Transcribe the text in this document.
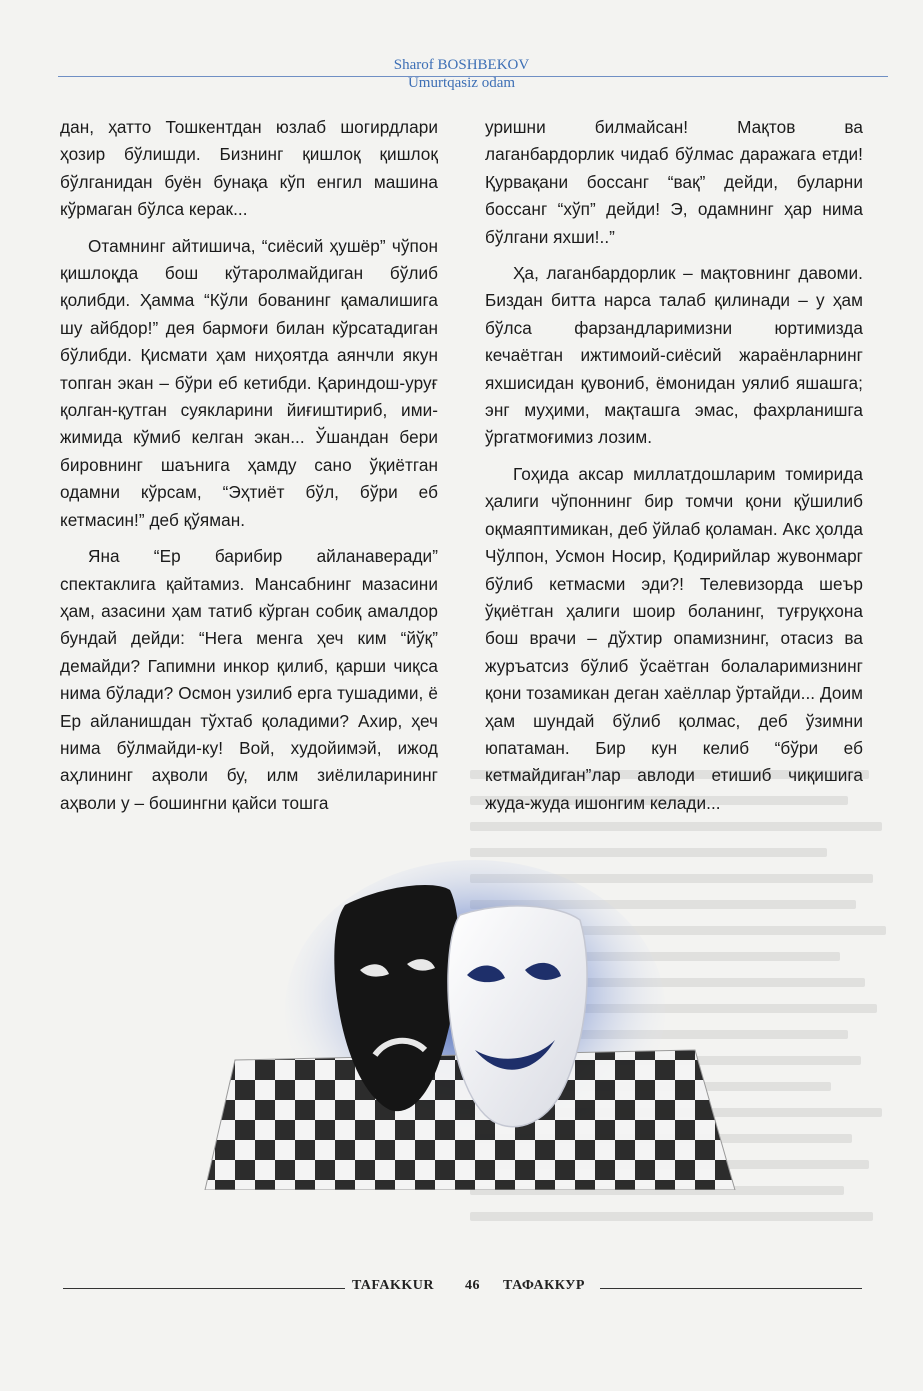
Sharof BOSHBEKOV
Umurtqasiz odam

дан, ҳатто Тошкентдан юзлаб шогирдлари ҳозир бўлишди. Бизнинг қишлоқ қишлоқ бўлганидан буён бунақа кўп енгил машина кўрмаган бўлса керак...

Отамнинг айтишича, “сиёсий ҳушёр” чўпон қишлоқда бош кўтаролмайдиган бўлиб қолибди. Ҳамма “Кўли бованинг қамалишига шу айбдор!” дея бармоғи билан кўрсатадиган бўлибди. Қисмати ҳам ниҳоятда аянчли якун топган экан – бўри еб кетибди. Қариндош-уруғ қолган-қутган суякларини йиғиштириб, ими-жимида кўмиб келган экан... Ўшандан бери бировнинг шаънига ҳамду сано ўқиётган одамни кўрсам, “Эҳтиёт бўл, бўри еб кетмасин!” деб қўяман.

Яна “Ер барибир айланаверади” спектаклига қайтамиз. Мансабнинг мазасини ҳам, азасини ҳам татиб кўрган собиқ амалдор бундай дейди: “Нега менга ҳеч ким “йўқ” демайди? Гапимни инкор қилиб, қарши чиқса нима бўлади? Осмон узилиб ерга тушадими, ё Ер айланишдан тўхтаб қоладими? Ахир, ҳеч нима бўлмайди-ку! Вой, худойимэй, ижод аҳлининг аҳволи бу, илм зиёлиларининг аҳволи у – бошингни қайси тошга

уришни билмайсан! Мақтов ва лаганбардорлик чидаб бўлмас даражага етди! Қурвақани боссанг “вақ” дейди, буларни боссанг “хўп” дейди! Э, одамнинг ҳар нима бўлгани яхши!..”

Ҳа, лаганбардорлик – мақтовнинг давоми. Биздан битта нарса талаб қилинади – у ҳам бўлса фарзандларимизни юртимизда кечаётган ижтимоий-сиёсий жараёнларнинг яхшисидан қувониб, ёмонидан уялиб яшашга; энг муҳими, мақташга эмас, фахрланишга ўргатмоғимиз лозим.

Гоҳида аксар миллатдошларим томирида ҳалиги чўпоннинг бир томчи қони қўшилиб оқмаяптимикан, деб ўйлаб қоламан. Акс ҳолда Чўлпон, Усмон Носир, Қодирийлар жувонмарг бўлиб кетмасми эди?! Телевизорда шеър ўқиётган ҳалиги шоир боланинг, туғруқхона бош врачи – дўхтир опамизнинг, отасиз ва журъатсиз бўлиб ўсаётган болаларимизнинг қони тозамикан деган хаёллар ўртайди... Доим ҳам шундай бўлиб қолмас, деб ўзимни юпатаман. Бир кун келиб “бўри еб кетмайдиган”лар авлоди етишиб чиқишига жуда-жуда ишонгим келади...

TAFAKKUR 46 ТАФАККУР
